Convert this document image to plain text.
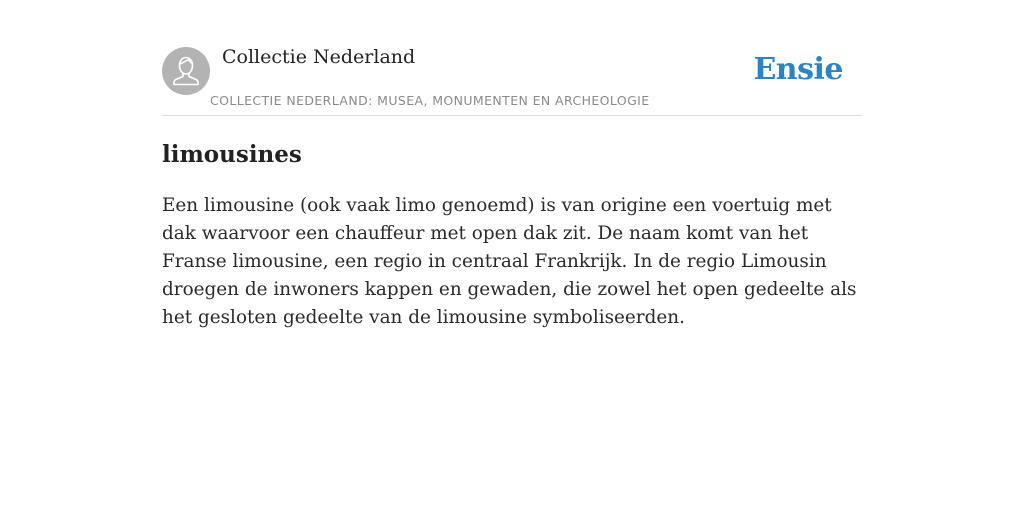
Collectie Nederland
COLLECTIE NEDERLAND: MUSEA, MONUMENTEN EN ARCHEOLOGIE
Ensie
limousines

Een limousine (ook vaak limo genoemd) is van origine een voertuig met dak waarvoor een chauffeur met open dak zit. De naam komt van het Franse limousine, een regio in centraal Frankrijk. In de regio Limousin droegen de inwoners kappen en gewaden, die zowel het open gedeelte als het gesloten gedeelte van de limousine symboliseerden.
